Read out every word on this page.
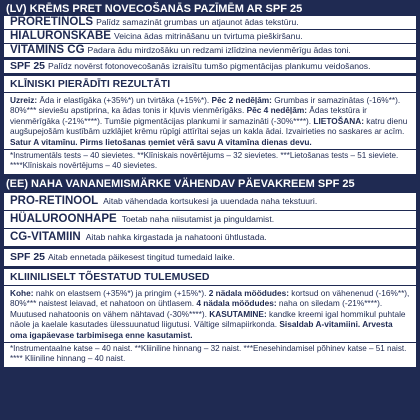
(LV) KRĒMS PRET NOVECOŠANĀS PAZĪMĒM AR SPF 25
PRORETINOLS Palīdz samazināt grumbas un atjaunot ādas tekstūru.
HIALURONSKĀBE Veicina ādas mitrināšanu un tvirtuma pieškiršanu.
VITAMĪNS CG Padara ādu mirdzošāku un redzami izlīdzina nevienmērīgu ādas toni.
SPF 25 Palīdz novērst fotonovecošanās izraisītu tumšo pigmentācijas plankumu veidošanos.
KLĪNISKI PIERĀDĪTI REZULTĀTI

Uzreiz: Āda ir elastīgāka (+35%*) un tvirtāka (+15%*). Pēc 2 nedēļām: Grumbas ir samazinātas (-16%**). 80%*** sieviešu apstiprina, ka ādas tonis ir kļuvis vienmērīgāks. Pēc 4 nedēļām: Ādas tekstūra ir vienmērīgāka (-21%****). Tumšie pigmentācijas plankumi ir samazināti (-30%****). LIETOŠANA: katru dienu augšupejošām kustībām uzklājiet krēmu rūpīgi attīrītai sejas un kakla ādai. Izvairieties no saskares ar acīm. Satur A vitamīnu. Pirms lietošanas ņemiet vērā savu A vitamīna dienas devu.

*Instrumentāls tests – 40 sievietes. **Klīniskais novērtējums – 32 sievietes. ***Lietošanas tests – 51 sieviete. ****Klīniskais novērtējums – 40 sievietes.
(EE) NAHA VANANEMISMÄRKE VÄHENDAV PÄEVAKREEM SPF 25
PRO-RETINOOL Aitab vähendada kortsukesi ja uuendada naha tekstuuri.
HÜALUROONHAPE Toetab naha niisutamist ja pinguldamist.
CG-VITAMIIN Aitab nahka kirgastada ja nahatooni ühtlustada.
SPF 25 Aitab ennetada päikesest tingitud tumedaid laike.
KLIINILISELT TÕESTATUD TULEMUSED

Kohe: nahk on elastsem (+35%*) ja pringim (+15%*). 2 nädala möödudes: kortsud on vähenenud (-16%**), 80%*** naistest leiavad, et nahatoon on ühtlasem. 4 nädala möödudes: naha on siledam (-21%****). Muutused nahatoonis on vähem nähtavad (-30%****). KASUTAMINE: kandke kreemi igal hommikul puhtale näole ja kaelale kasutades ülessuunatud liigutusi. Vältige silmapiirkonda. Sisaldab A-vitamiini. Arvesta oma igapäevase tarbimisega enne kasutamist.

*Instrumentaalne katse – 40 naist. **Kliiniline hinnang – 32 naist. ***Enesehindamisel põhinev katse – 51 naist. **** Kliiniline hinnang – 40 naist.
